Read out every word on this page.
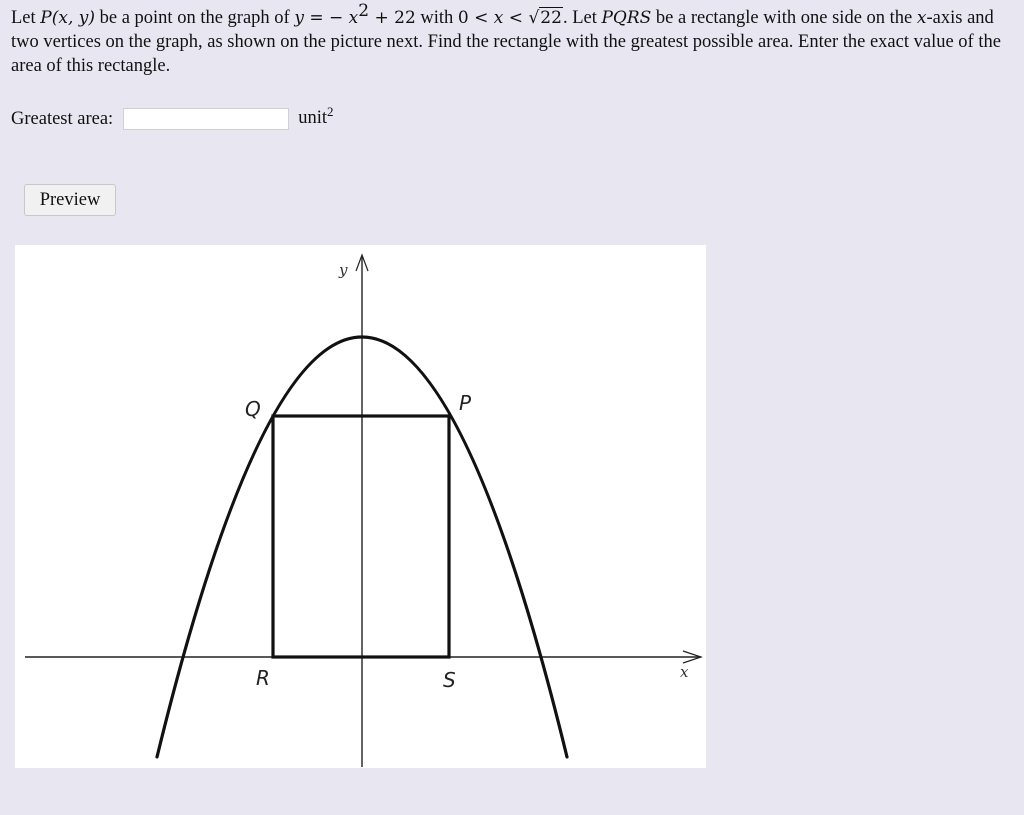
Let P(x, y) be a point on the graph of y = − $x^2 + 22$ with 0 < x < √22. Let PQRS be a rectangle with one side on the x-axis and two vertices on the graph, as shown on the picture next. Find the rectangle with the greatest possible area. Enter the exact value of the area of this rectangle.
Greatest area:	unit$^2$
Preview
y
x
P
Q
R	S
